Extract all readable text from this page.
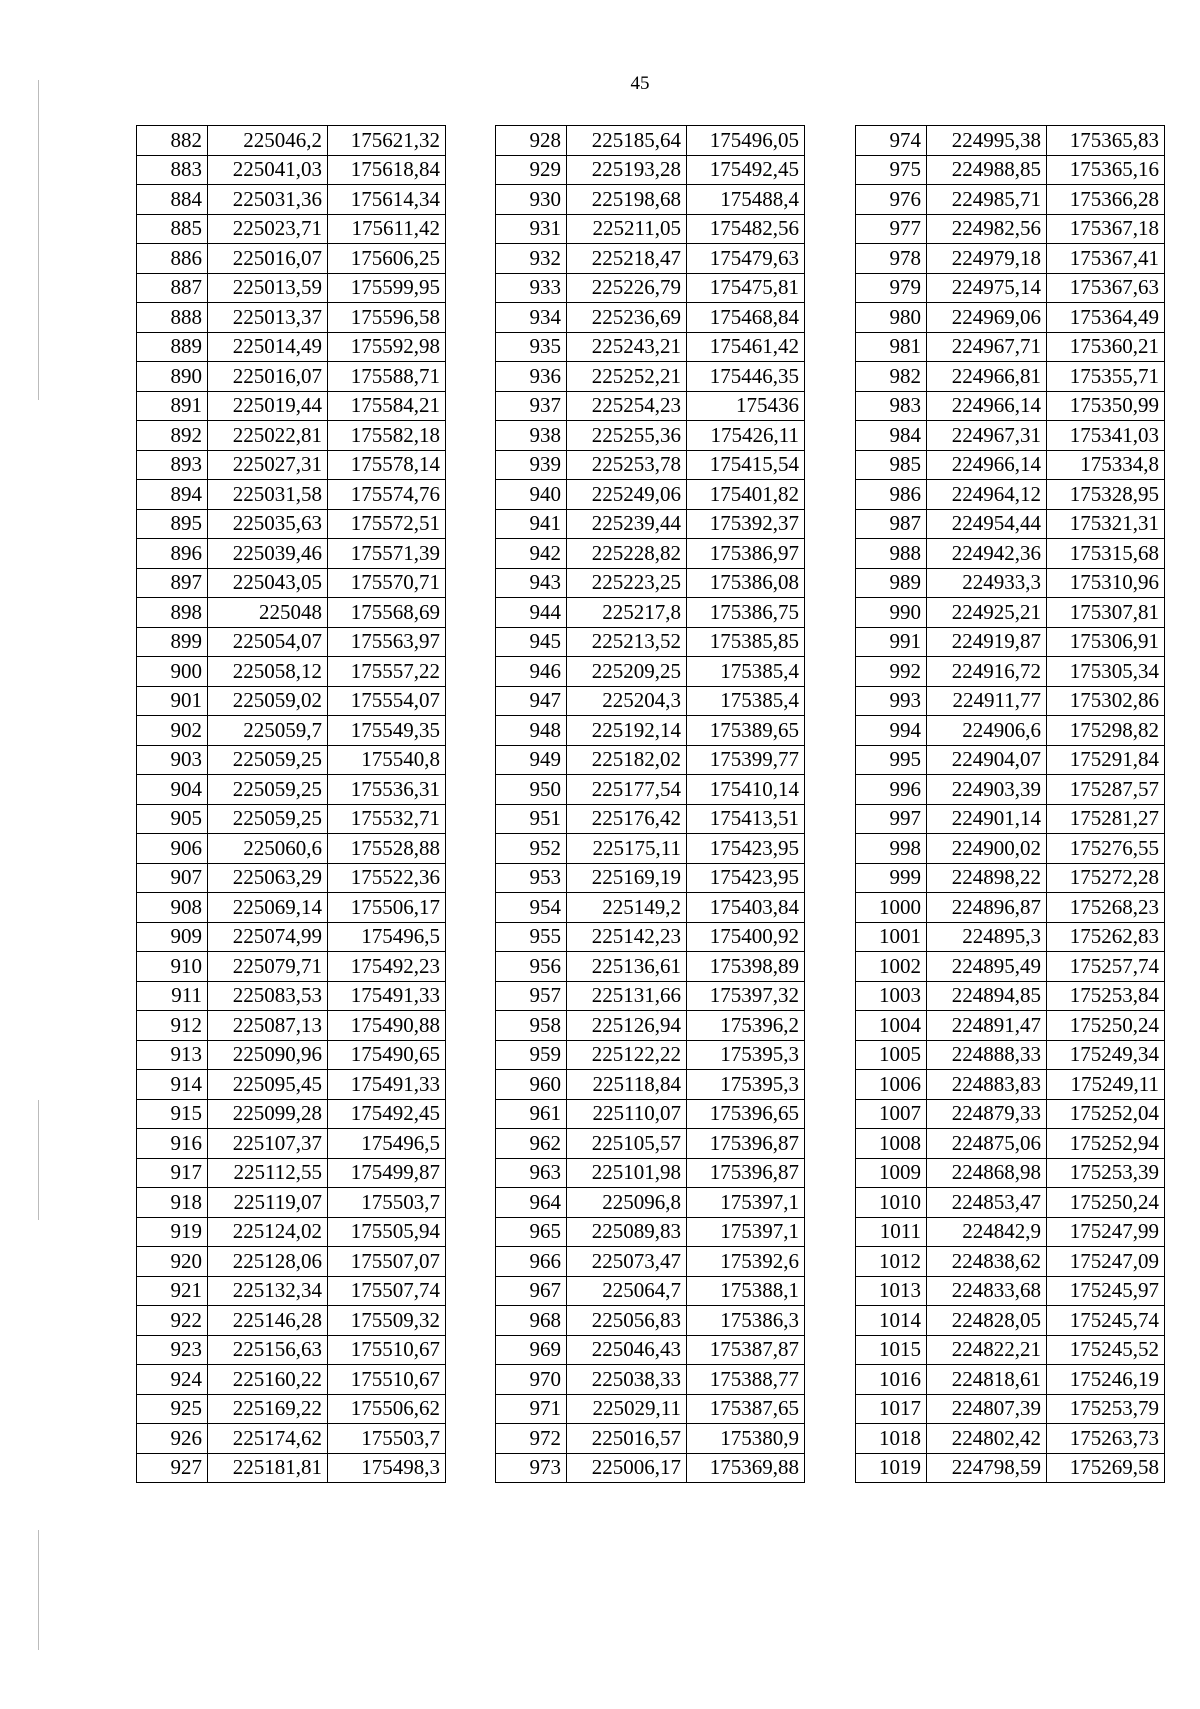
45
882	225046,2	175621,32
883	225041,03	175618,84
884	225031,36	175614,34
885	225023,71	175611,42
886	225016,07	175606,25
887	225013,59	175599,95
888	225013,37	175596,58
889	225014,49	175592,98
890	225016,07	175588,71
891	225019,44	175584,21
892	225022,81	175582,18
893	225027,31	175578,14
894	225031,58	175574,76
895	225035,63	175572,51
896	225039,46	175571,39
897	225043,05	175570,71
898	225048	175568,69
899	225054,07	175563,97
900	225058,12	175557,22
901	225059,02	175554,07
902	225059,7	175549,35
903	225059,25	175540,8
904	225059,25	175536,31
905	225059,25	175532,71
906	225060,6	175528,88
907	225063,29	175522,36
908	225069,14	175506,17
909	225074,99	175496,5
910	225079,71	175492,23
911	225083,53	175491,33
912	225087,13	175490,88
913	225090,96	175490,65
914	225095,45	175491,33
915	225099,28	175492,45
916	225107,37	175496,5
917	225112,55	175499,87
918	225119,07	175503,7
919	225124,02	175505,94
920	225128,06	175507,07
921	225132,34	175507,74
922	225146,28	175509,32
923	225156,63	175510,67
924	225160,22	175510,67
925	225169,22	175506,62
926	225174,62	175503,7
927	225181,81	175498,3
928	225185,64	175496,05
929	225193,28	175492,45
930	225198,68	175488,4
931	225211,05	175482,56
932	225218,47	175479,63
933	225226,79	175475,81
934	225236,69	175468,84
935	225243,21	175461,42
936	225252,21	175446,35
937	225254,23	175436
938	225255,36	175426,11
939	225253,78	175415,54
940	225249,06	175401,82
941	225239,44	175392,37
942	225228,82	175386,97
943	225223,25	175386,08
944	225217,8	175386,75
945	225213,52	175385,85
946	225209,25	175385,4
947	225204,3	175385,4
948	225192,14	175389,65
949	225182,02	175399,77
950	225177,54	175410,14
951	225176,42	175413,51
952	225175,11	175423,95
953	225169,19	175423,95
954	225149,2	175403,84
955	225142,23	175400,92
956	225136,61	175398,89
957	225131,66	175397,32
958	225126,94	175396,2
959	225122,22	175395,3
960	225118,84	175395,3
961	225110,07	175396,65
962	225105,57	175396,87
963	225101,98	175396,87
964	225096,8	175397,1
965	225089,83	175397,1
966	225073,47	175392,6
967	225064,7	175388,1
968	225056,83	175386,3
969	225046,43	175387,87
970	225038,33	175388,77
971	225029,11	175387,65
972	225016,57	175380,9
973	225006,17	175369,88
974	224995,38	175365,83
975	224988,85	175365,16
976	224985,71	175366,28
977	224982,56	175367,18
978	224979,18	175367,41
979	224975,14	175367,63
980	224969,06	175364,49
981	224967,71	175360,21
982	224966,81	175355,71
983	224966,14	175350,99
984	224967,31	175341,03
985	224966,14	175334,8
986	224964,12	175328,95
987	224954,44	175321,31
988	224942,36	175315,68
989	224933,3	175310,96
990	224925,21	175307,81
991	224919,87	175306,91
992	224916,72	175305,34
993	224911,77	175302,86
994	224906,6	175298,82
995	224904,07	175291,84
996	224903,39	175287,57
997	224901,14	175281,27
998	224900,02	175276,55
999	224898,22	175272,28
1000	224896,87	175268,23
1001	224895,3	175262,83
1002	224895,49	175257,74
1003	224894,85	175253,84
1004	224891,47	175250,24
1005	224888,33	175249,34
1006	224883,83	175249,11
1007	224879,33	175252,04
1008	224875,06	175252,94
1009	224868,98	175253,39
1010	224853,47	175250,24
1011	224842,9	175247,99
1012	224838,62	175247,09
1013	224833,68	175245,97
1014	224828,05	175245,74
1015	224822,21	175245,52
1016	224818,61	175246,19
1017	224807,39	175253,79
1018	224802,42	175263,73
1019	224798,59	175269,58
